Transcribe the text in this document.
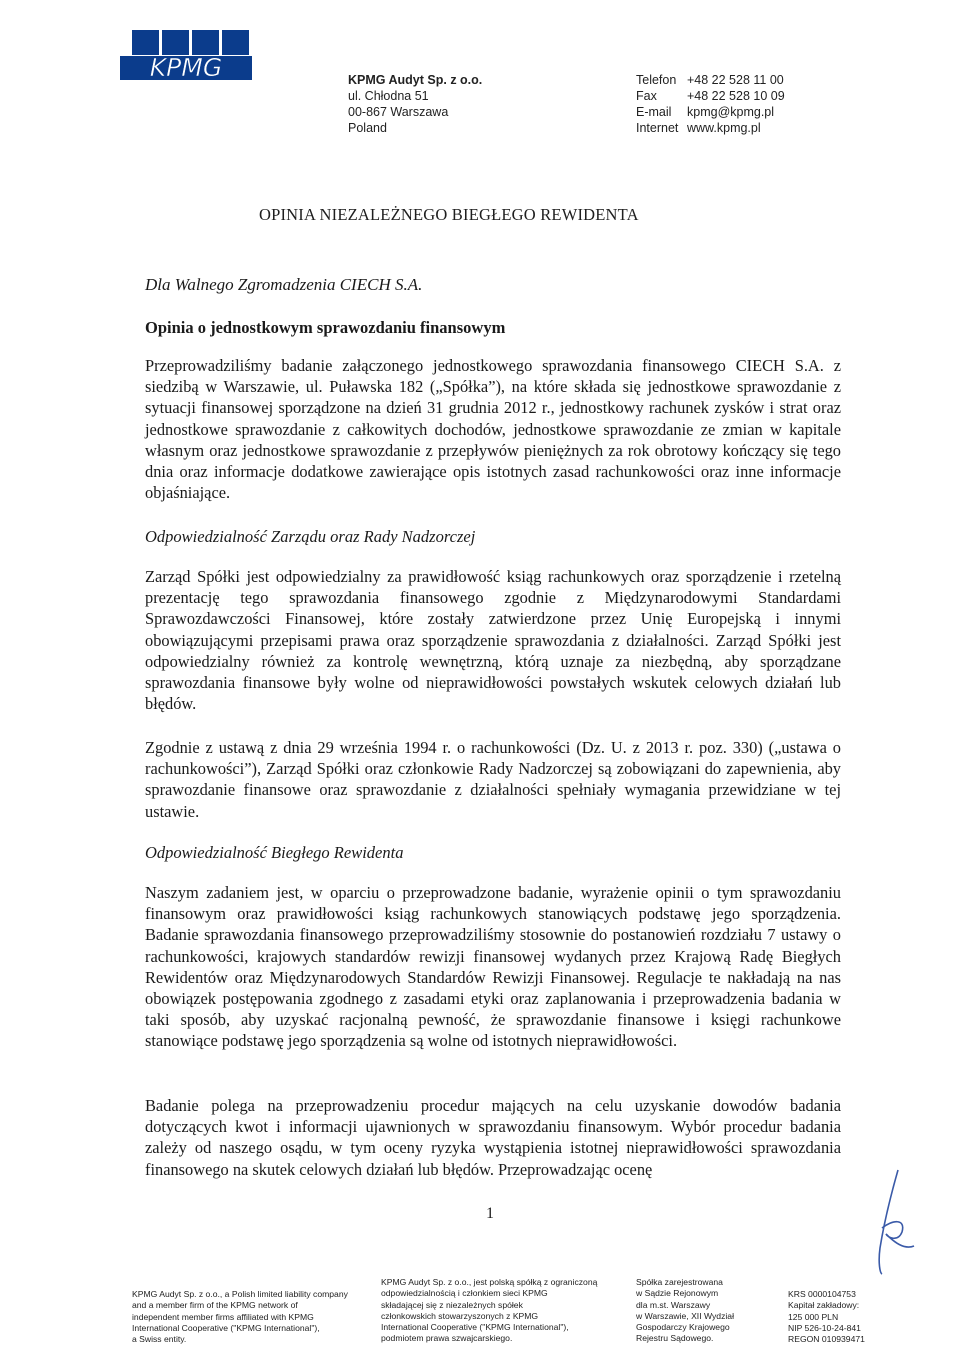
KPMG	KPMG Audyt Sp. z o.o.
ul. Chłodna 51
00-867 Warszawa
Poland
Telefon +48 22 528 11 00
Fax	+48 22 528 10 09
E-mail	kpmg@kpmg.pl
Internet www.kpmg.pl
OPINIA NIEZALEŻNEGO BIEGŁEGO REWIDENTA
Dla Walnego Zgromadzenia CIECH S.A.
Opinia o jednostkowym sprawozdaniu finansowym

Przeprowadziliśmy badanie załączonego jednostkowego sprawozdania finansowego CIECH S.A. z siedzibą w Warszawie, ul. Puławska 182 („Spółka”), na które składa się jednostkowe sprawozdanie z sytuacji finansowej sporządzone na dzień 31 grudnia 2012 r., jednostkowy rachunek zysków i strat oraz jednostkowe sprawozdanie z całkowitych dochodów, jednostkowe sprawozdanie ze zmian w kapitale własnym oraz jednostkowe sprawozdanie z przepływów pieniężnych za rok obrotowy kończący się tego dnia oraz informacje dodatkowe zawierające opis istotnych zasad rachunkowości oraz inne informacje objaśniające.

Odpowiedzialność Zarządu oraz Rady Nadzorczej

Zarząd Spółki jest odpowiedzialny za prawidłowość ksiąg rachunkowych oraz sporządzenie i rzetelną prezentację tego sprawozdania finansowego zgodnie z Międzynarodowymi Standardami Sprawozdawczości Finansowej, które zostały zatwierdzone przez Unię Europejską i innymi obowiązującymi przepisami prawa oraz sporządzenie sprawozdania z działalności. Zarząd Spółki jest odpowiedzialny również za kontrolę wewnętrzną, którą uznaje za niezbędną, aby sporządzane sprawozdania finansowe były wolne od nieprawidłowości powstałych wskutek celowych działań lub błędów.

Zgodnie z ustawą z dnia 29 września 1994 r. o rachunkowości (Dz. U. z 2013 r. poz. 330) („ustawa o rachunkowości”), Zarząd Spółki oraz członkowie Rady Nadzorczej są zobowiązani do zapewnienia, aby sprawozdanie finansowe oraz sprawozdanie z działalności spełniały wymagania przewidziane w tej ustawie.

Odpowiedzialność Biegłego Rewidenta

Naszym zadaniem jest, w oparciu o przeprowadzone badanie, wyrażenie opinii o tym sprawozdaniu finansowym oraz prawidłowości ksiąg rachunkowych stanowiących podstawę jego sporządzenia. Badanie sprawozdania finansowego przeprowadziliśmy stosownie do postanowień rozdziału 7 ustawy o rachunkowości, krajowych standardów rewizji finansowej wydanych przez Krajową Radę Biegłych Rewidentów oraz Międzynarodowych Standardów Rewizji Finansowej. Regulacje te nakładają na nas obowiązek postępowania zgodnego z zasadami etyki oraz zaplanowania i przeprowadzenia badania w taki sposób, aby uzyskać racjonalną pewność, że sprawozdanie finansowe i księgi rachunkowe stanowiące podstawę jego sporządzenia są wolne od istotnych nieprawidłowości.

Badanie polega na przeprowadzeniu procedur mających na celu uzyskanie dowodów badania dotyczących kwot i informacji ujawnionych w sprawozdaniu finansowym. Wybór procedur badania zależy od naszego osądu, w tym oceny ryzyka wystąpienia istotnej nieprawidłowości sprawozdania finansowego na skutek celowych działań lub błędów. Przeprowadzając ocenę

1
KPMG Audyt Sp. z o.o., a Polish limited liability company
and a member firm of the KPMG network of
independent member firms affiliated with KPMG
International Cooperative ("KPMG International"),
a Swiss entity.
KPMG Audyt Sp. z o.o., jest polską spółką z ograniczoną
odpowiedzialnością i członkiem sieci KPMG
składającej się z niezależnych spółek
członkowskich stowarzyszonych z KPMG
International Cooperative ("KPMG International"),
podmiotem prawa szwajcarskiego.
Spółka zarejestrowana
w Sądzie Rejonowym
dla m.st. Warszawy
w Warszawie, XII Wydział
Gospodarczy Krajowego
Rejestru Sądowego.
KRS 0000104753
Kapitał zakładowy:
125 000 PLN
NIP 526-10-24-841
REGON 010939471
